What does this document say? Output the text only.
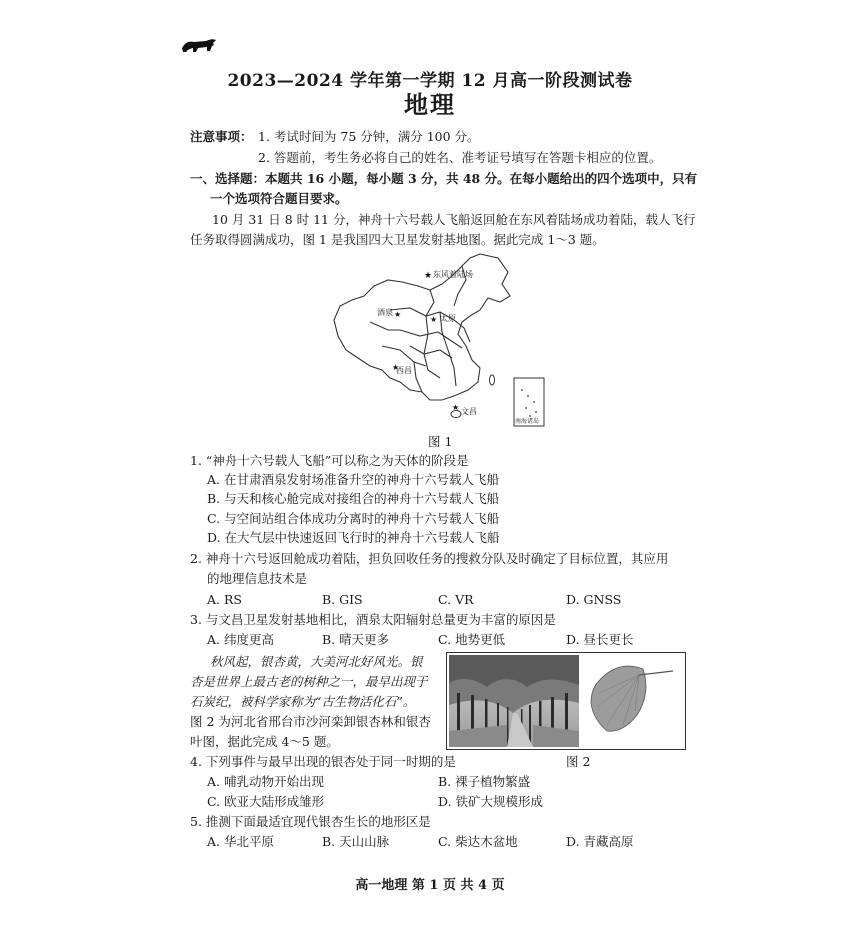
2023—2024 学年第一学期 12 月高一阶段测试卷
地理
注意事项： 1. 考试时间为 75 分钟，满分 100 分。
2. 答题前，考生务必将自己的姓名、准考证号填写在答题卡相应的位置。
一、选择题：本题共 16 小题，每小题 3 分，共 48 分。在每小题给出的四个选项中，只有
一个选项符合题目要求。
10 月 31 日 8 时 11 分，神舟十六号载人飞船返回舱在东风着陆场成功着陆，载人飞行
任务取得圆满成功，图 1 是我国四大卫星发射基地图。据此完成 1～3 题。
★
★
★
★
★
东风着陆场
酒泉
太原
西昌
文昌
南海诸岛
图 1
1. “神舟十六号载人飞船”可以称之为天体的阶段是
A. 在甘肃酒泉发射场准备升空的神舟十六号载人飞船
B. 与天和核心舱完成对接组合的神舟十六号载人飞船
C. 与空间站组合体成功分离时的神舟十六号载人飞船
D. 在大气层中快速返回飞行时的神舟十六号载人飞船
2. 神舟十六号返回舱成功着陆，担负回收任务的搜救分队及时确定了目标位置，其应用
的地理信息技术是
A. RS	B. GIS	C. VR	D. GNSS
3. 与文昌卫星发射基地相比，酒泉太阳辐射总量更为丰富的原因是
A. 纬度更高	B. 晴天更多	C. 地势更低	D. 昼长更长
秋风起，银杏黄，大美河北好风光。银
杏是世界上最古老的树种之一，最早出现于
石炭纪，被科学家称为“古生物活化石”。
图 2 为河北省邢台市沙河栾卸银杏林和银杏
叶图，据此完成 4～5 题。
图 2
4. 下列事件与最早出现的银杏处于同一时期的是
A. 哺乳动物开始出现	B. 裸子植物繁盛
C. 欧亚大陆形成雏形	D. 铁矿大规模形成
5. 推测下面最适宜现代银杏生长的地形区是
A. 华北平原	B. 天山山脉	C. 柴达木盆地	D. 青藏高原
高一地理 第 1 页 共 4 页
